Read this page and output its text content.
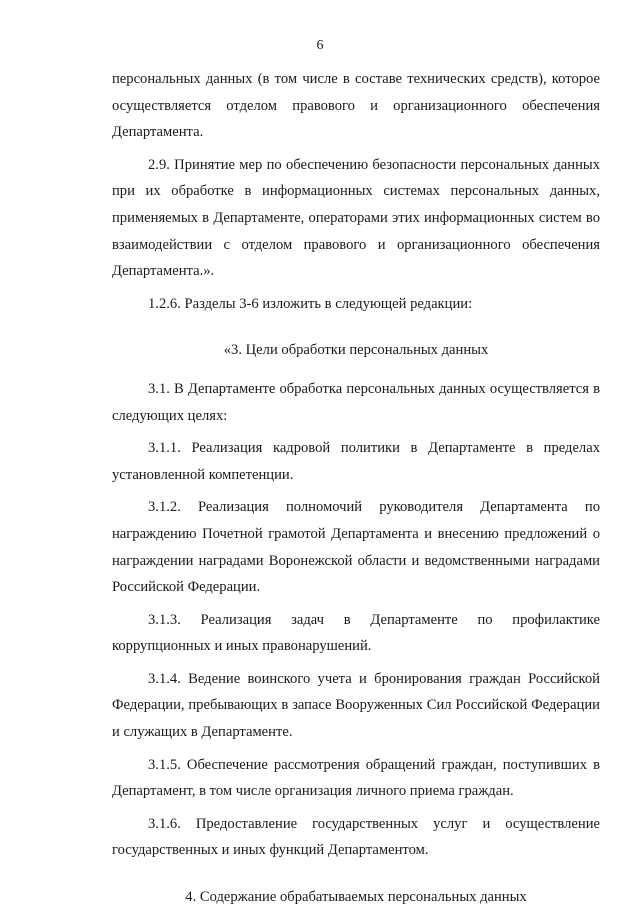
6

персональных данных (в том числе в составе технических средств), которое осуществляется отделом правового и организационного обеспечения Департамента.

2.9. Принятие мер по обеспечению безопасности персональных данных при их обработке в информационных системах персональных данных, применяемых в Департаменте, операторами этих информационных систем во взаимодействии с отделом правового и организационного обеспечения Департамента.».

1.2.6. Разделы 3-6 изложить в следующей редакции:

«3. Цели обработки персональных данных

3.1. В Департаменте обработка персональных данных осуществляется в следующих целях:

3.1.1. Реализация кадровой политики в Департаменте в пределах установленной компетенции.

3.1.2. Реализация полномочий руководителя Департамента по награждению Почетной грамотой Департамента и внесению предложений о награждении наградами Воронежской области и ведомственными наградами Российской Федерации.

3.1.3. Реализация задач в Департаменте по профилактике коррупционных и иных правонарушений.

3.1.4. Ведение воинского учета и бронирования граждан Российской Федерации, пребывающих в запасе Вооруженных Сил Российской Федерации и служащих в Департаменте.

3.1.5. Обеспечение рассмотрения обращений граждан, поступивших в Департамент, в том числе организация личного приема граждан.

3.1.6. Предоставление государственных услуг и осуществление государственных и иных функций Департаментом.

4. Содержание обрабатываемых персональных данных
